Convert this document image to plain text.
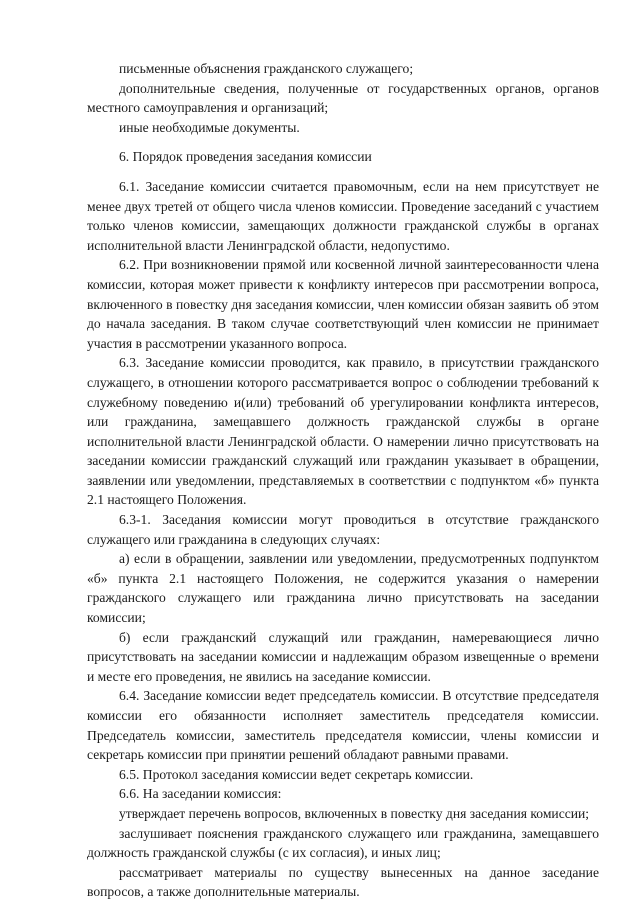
письменные объяснения гражданского служащего;

дополнительные сведения, полученные от государственных органов, органов местного самоуправления и организаций;

иные необходимые документы.

6. Порядок проведения заседания комиссии

6.1. Заседание комиссии считается правомочным, если на нем присутствует не менее двух третей от общего числа членов комиссии. Проведение заседаний с участием только членов комиссии, замещающих должности гражданской службы в органах исполнительной власти Ленинградской области, недопустимо.

6.2. При возникновении прямой или косвенной личной заинтересованности члена комиссии, которая может привести к конфликту интересов при рассмотрении вопроса, включенного в повестку дня заседания комиссии, член комиссии обязан заявить об этом до начала заседания. В таком случае соответствующий член комиссии не принимает участия в рассмотрении указанного вопроса.

6.3. Заседание комиссии проводится, как правило, в присутствии гражданского служащего, в отношении которого рассматривается вопрос о соблюдении требований к служебному поведению и(или) требований об урегулировании конфликта интересов, или гражданина, замещавшего должность гражданской службы в органе исполнительной власти Ленинградской области. О намерении лично присутствовать на заседании комиссии гражданский служащий или гражданин указывает в обращении, заявлении или уведомлении, представляемых в соответствии с подпунктом «б» пункта 2.1 настоящего Положения.

6.3-1. Заседания комиссии могут проводиться в отсутствие гражданского служащего или гражданина в следующих случаях:

а) если в обращении, заявлении или уведомлении, предусмотренных подпунктом «б» пункта 2.1 настоящего Положения, не содержится указания о намерении гражданского служащего или гражданина лично присутствовать на заседании комиссии;

б) если гражданский служащий или гражданин, намеревающиеся лично присутствовать на заседании комиссии и надлежащим образом извещенные о времени и месте его проведения, не явились на заседание комиссии.

6.4. Заседание комиссии ведет председатель комиссии. В отсутствие председателя комиссии его обязанности исполняет заместитель председателя комиссии. Председатель комиссии, заместитель председателя комиссии, члены комиссии и секретарь комиссии при принятии решений обладают равными правами.

6.5. Протокол заседания комиссии ведет секретарь комиссии.

6.6. На заседании комиссия:

утверждает перечень вопросов, включенных в повестку дня заседания комиссии;

заслушивает пояснения гражданского служащего или гражданина, замещавшего должность гражданской службы (с их согласия), и иных лиц;

рассматривает материалы по существу вынесенных на данное заседание вопросов, а также дополнительные материалы.
